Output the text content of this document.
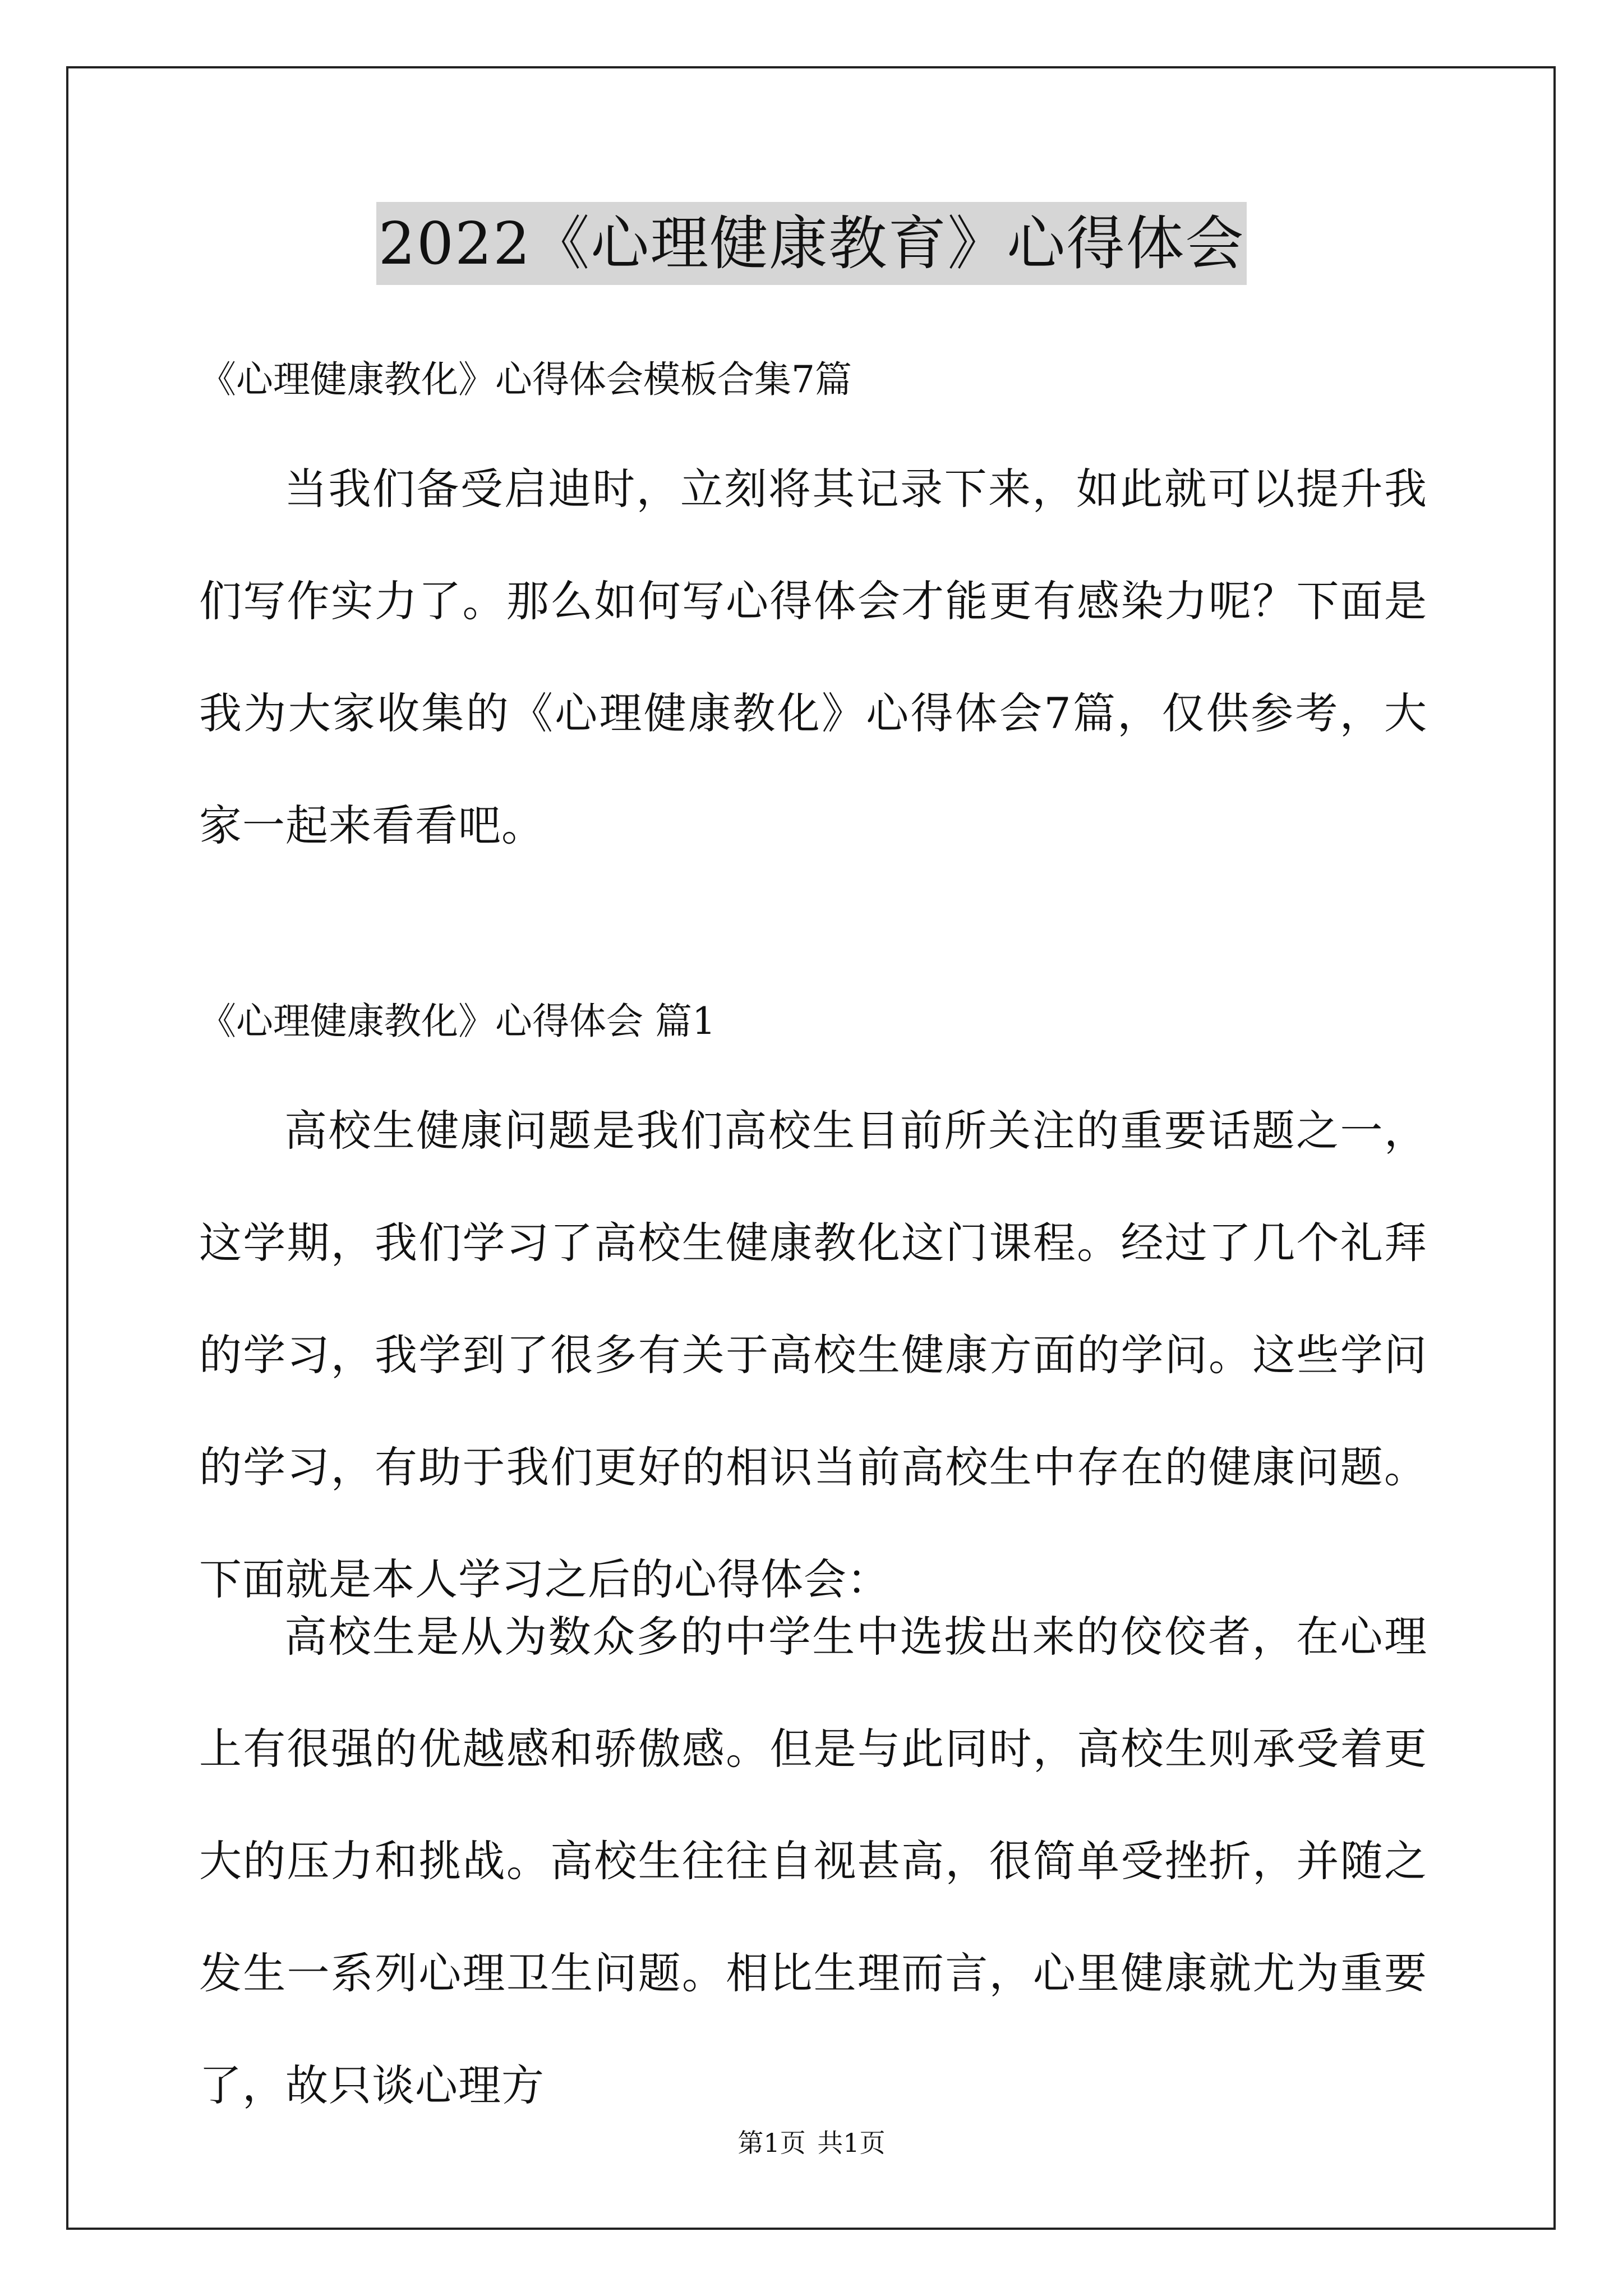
2022《心理健康教育》心得体会
《心理健康教化》心得体会模板合集7篇
当我们备受启迪时，立刻将其记录下来，如此就可以提升我们写作实力了。那么如何写心得体会才能更有感染力呢？下面是我为大家收集的《心理健康教化》心得体会7篇，仅供参考，大家一起来看看吧。
《心理健康教化》心得体会 篇1
高校生健康问题是我们高校生目前所关注的重要话题之一，这学期，我们学习了高校生健康教化这门课程。经过了几个礼拜的学习，我学到了很多有关于高校生健康方面的学问。这些学问的学习，有助于我们更好的相识当前高校生中存在的健康问题。下面就是本人学习之后的心得体会：
高校生是从为数众多的中学生中选拔出来的佼佼者，在心理上有很强的优越感和骄傲感。但是与此同时，高校生则承受着更大的压力和挑战。高校生往往自视甚高，很简单受挫折，并随之发生一系列心理卫生问题。相比生理而言，心里健康就尤为重要了，故只谈心理方
第1页 共1页
